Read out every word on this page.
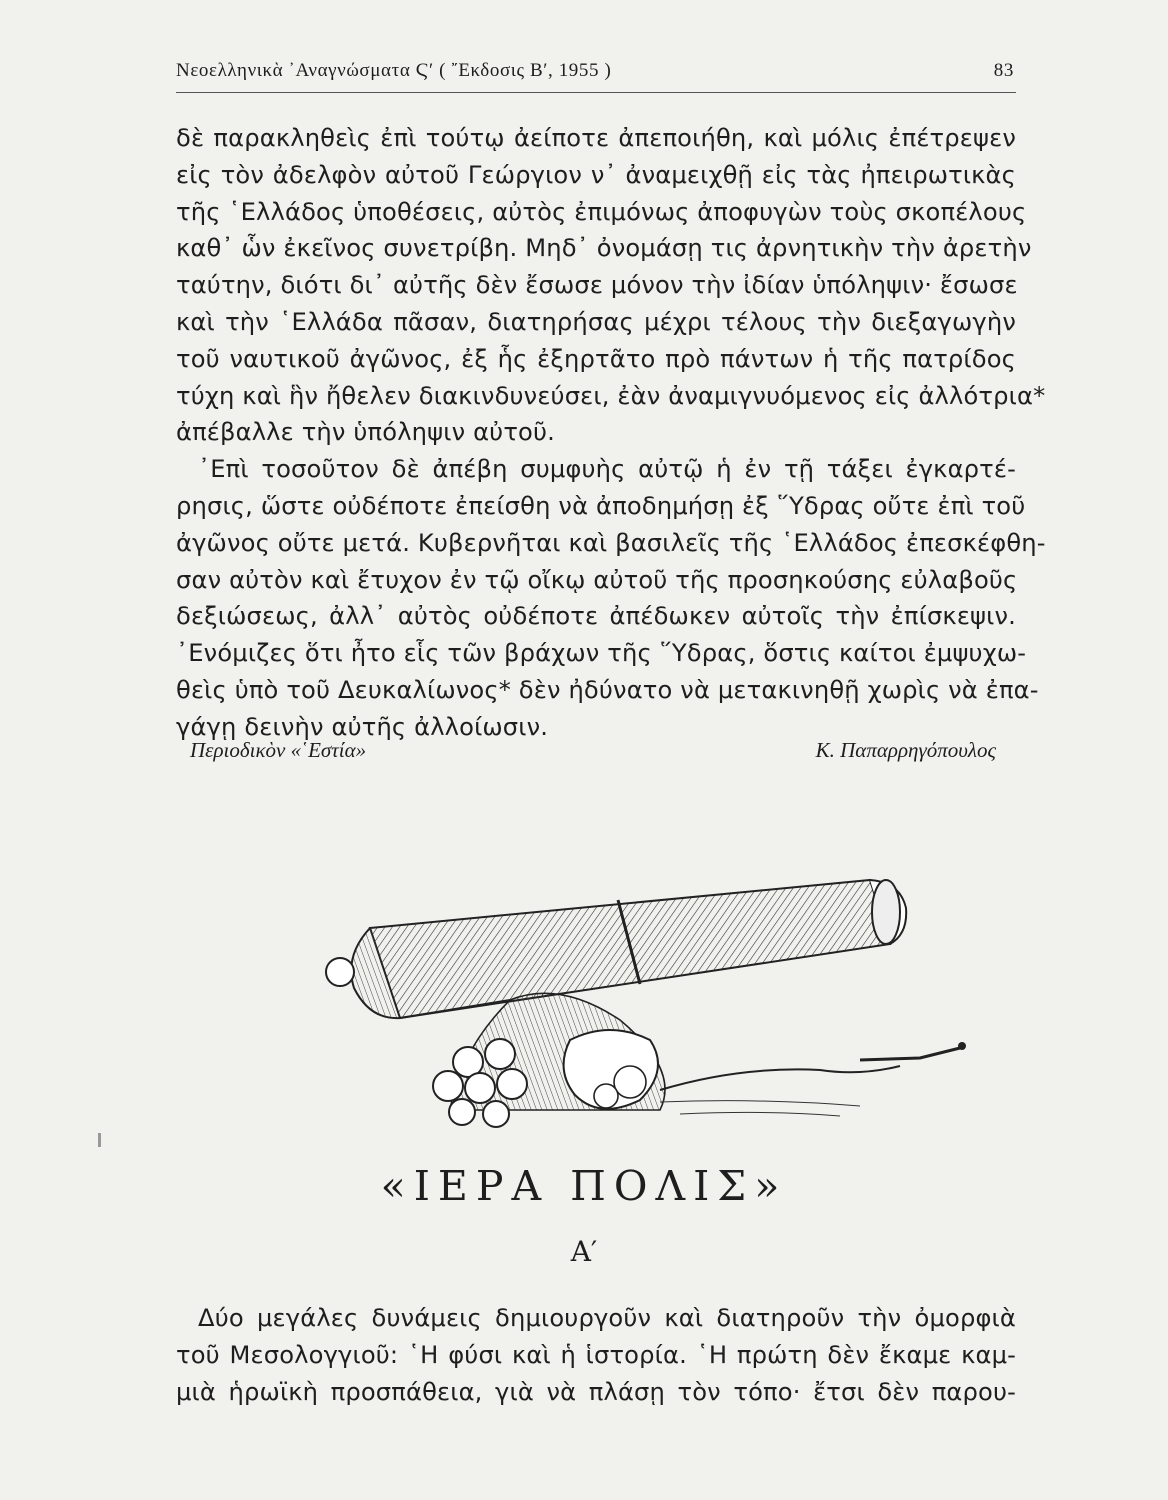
Νεοελληνικὰ ᾿Αναγνώσματα Ϛ′ ( ῎Εκδοσις Β′, 1955 )	83
δὲ παρακληθεὶς ἐπὶ τούτῳ ἀείποτε ἀπεποιήθη, καὶ μόλις ἐπέτρεψεν
εἰς τὸν ἀδελφὸν αὐτοῦ Γεώργιον ν᾿ ἀναμειχθῇ εἰς τὰς ἠπειρωτικὰς
τῆς ῾Ελλάδος ὑποθέσεις, αὐτὸς ἐπιμόνως ἀποφυγὼν τοὺς σκοπέλους
καθ᾿ ὧν ἐκεῖνος συνετρίβη. Μηδ᾿ ὀνομάσῃ τις ἀρνητικὴν τὴν ἀρετὴν
ταύτην, διότι δι᾿ αὐτῆς δὲν ἔσωσε μόνον τὴν ἰδίαν ὑπόληψιν· ἔσωσε
καὶ τὴν ῾Ελλάδα πᾶσαν, διατηρήσας μέχρι τέλους τὴν διεξαγωγὴν
τοῦ ναυτικοῦ ἀγῶνος, ἐξ ἧς ἐξηρτᾶτο πρὸ πάντων ἡ τῆς πατρίδος
τύχη καὶ ἣν ἤθελεν διακινδυνεύσει, ἐὰν ἀναμιγνυόμενος εἰς ἀλλότρια*
ἀπέβαλλε τὴν ὑπόληψιν αὐτοῦ.
᾿Επὶ τοσοῦτον δὲ ἀπέβη συμφυὴς αὐτῷ ἡ ἐν τῇ τάξει ἐγκαρτέ-
ρησις, ὥστε οὐδέποτε ἐπείσθη νὰ ἀποδημήσῃ ἐξ ῞Υδρας οὔτε ἐπὶ τοῦ
ἀγῶνος οὔτε μετά. Κυβερνῆται καὶ βασιλεῖς τῆς ῾Ελλάδος ἐπεσκέφθη-
σαν αὐτὸν καὶ ἔτυχον ἐν τῷ οἴκῳ αὐτοῦ τῆς προσηκούσης εὐλαβοῦς
δεξιώσεως, ἀλλ᾿ αὐτὸς οὐδέποτε ἀπέδωκεν αὐτοῖς τὴν ἐπίσκεψιν.
᾿Ενόμιζες ὅτι ἦτο εἷς τῶν βράχων τῆς ῞Υδρας, ὅστις καίτοι ἐμψυχω-
θεὶς ὑπὸ τοῦ Δευκαλίωνος* δὲν ἠδύνατο νὰ μετακινηθῇ χωρὶς νὰ ἐπα-
γάγῃ δεινὴν αὐτῆς ἀλλοίωσιν.
Περιοδικὸν «῾Εστία»	Κ. Παπαρρηγόπουλος
«ΙΕΡΑ ΠΟΛΙΣ»
Α′
Δύο μεγάλες δυνάμεις δημιουργοῦν καὶ διατηροῦν τὴν ὀμορφιὰ
τοῦ Μεσολογγιοῦ: ῾Η φύσι καὶ ἡ ἱστορία. ῾Η πρώτη δὲν ἔκαμε καμ-
μιὰ ἡρωϊκὴ προσπάθεια, γιὰ νὰ πλάσῃ τὸν τόπο· ἔτσι δὲν παρου-
